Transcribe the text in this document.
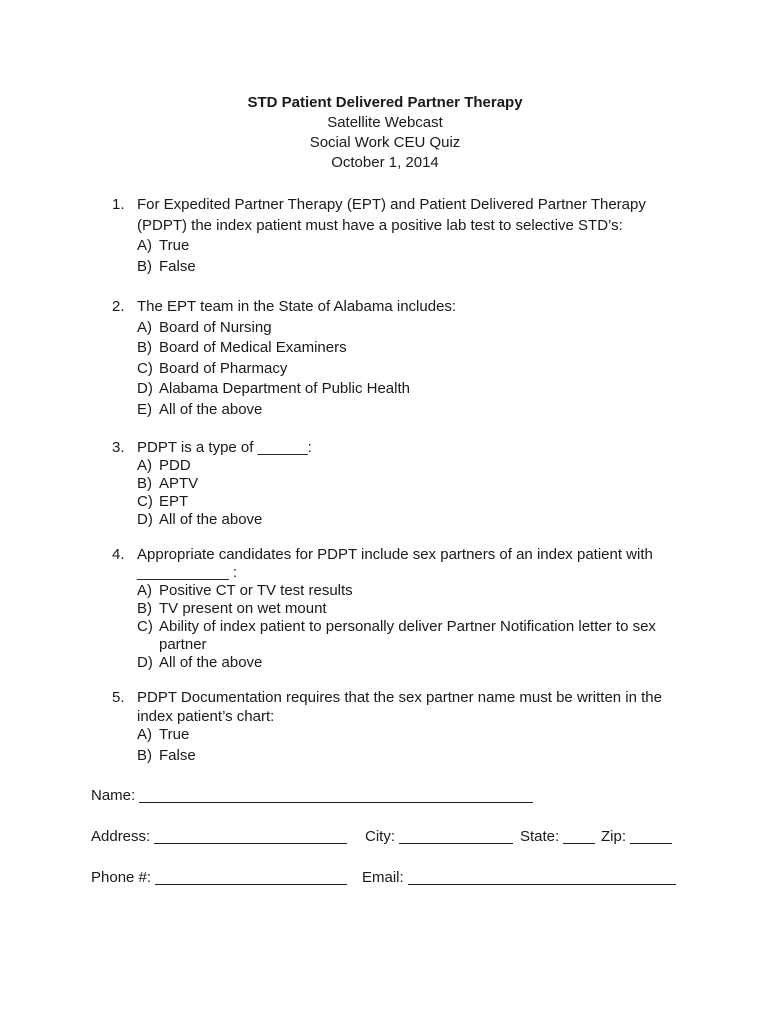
STD Patient Delivered Partner Therapy
Satellite Webcast
Social Work CEU Quiz
October 1, 2014
1. For Expedited Partner Therapy (EPT) and Patient Delivered Partner Therapy
(PDPT) the index patient must have a positive lab test to selective STD’s:
A) True
B) False
2. The EPT team in the State of Alabama includes:
A) Board of Nursing
B) Board of Medical Examiners
C) Board of Pharmacy
D) Alabama Department of Public Health
E) All of the above
3. PDPT is a type of ______:
A) PDD
B) APTV
C) EPT
D) All of the above
4. Appropriate candidates for PDPT include sex partners of an index patient with
___________ :
A) Positive CT or TV test results
B) TV present on wet mount
C) Ability of index patient to personally deliver Partner Notification letter to sex
partner
D) All of the above
5. PDPT Documentation requires that the sex partner name must be written in the
index patient’s chart:
A) True
B) False
Name:
Address:	City:	State:	Zip:
Phone #:	Email:
